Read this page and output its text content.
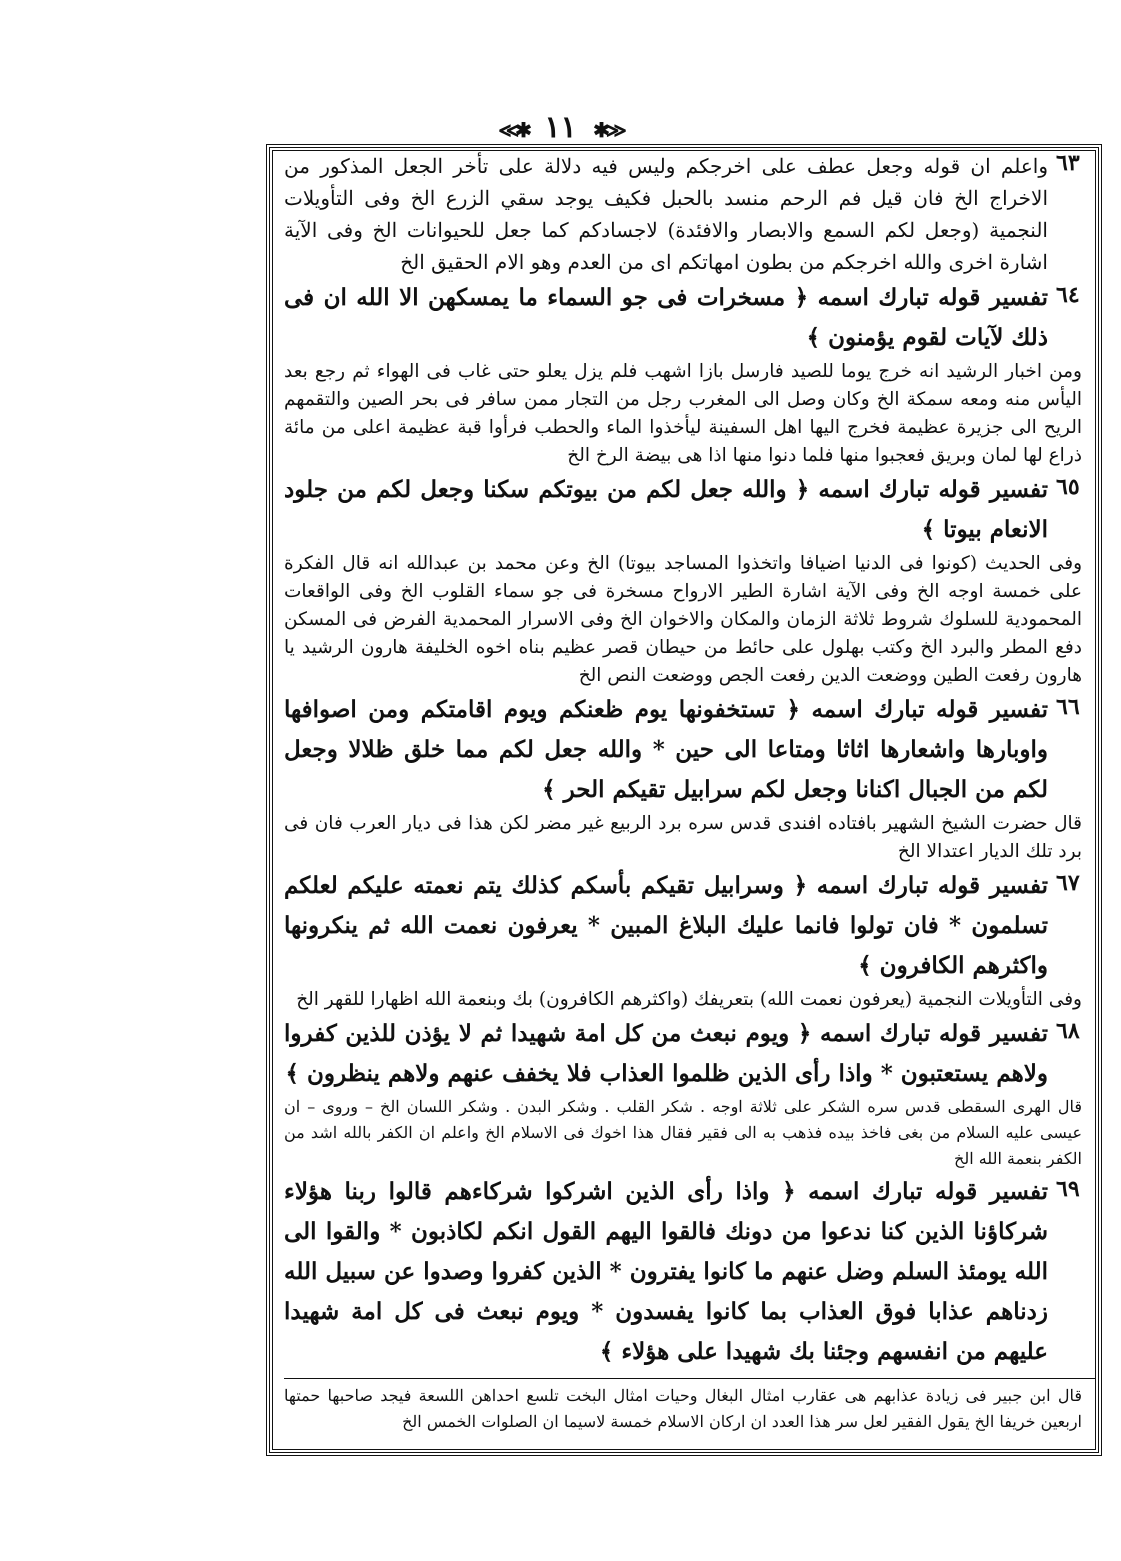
≪✱ ١١ ✱≫
٦٣
واعلم ان قوله وجعل عطف على اخرجكم وليس فيه دلالة على تأخر الجعل المذكور من الاخراج الخ فان قيل فم الرحم منسد بالحبل فكيف يوجد سقي الزرع الخ وفى التأويلات النجمية (وجعل لكم السمع والابصار والافئدة) لاجسادكم كما جعل للحيوانات الخ وفى الآية اشارة اخرى والله اخرجكم من بطون امهاتكم اى من العدم وهو الام الحقيق الخ
٦٤
تفسير قوله تبارك اسمه ﴿ مسخرات فى جو السماء ما يمسكهن الا الله ان فى ذلك لآيات لقوم يؤمنون ﴾
ومن اخبار الرشيد انه خرج يوما للصيد فارسل بازا اشهب فلم يزل يعلو حتى غاب فى الهواء ثم رجع بعد اليأس منه ومعه سمكة الخ وكان وصل الى المغرب رجل من التجار ممن سافر فى بحر الصين والتقمهم الريح الى جزيرة عظيمة فخرج اليها اهل السفينة ليأخذوا الماء والحطب فرأوا قبة عظيمة اعلى من مائة ذراع لها لمان وبريق فعجبوا منها فلما دنوا منها اذا هى بيضة الرخ الخ
٦٥
تفسير قوله تبارك اسمه ﴿ والله جعل لكم من بيوتكم سكنا وجعل لكم من جلود الانعام بيوتا ﴾
وفى الحديث (كونوا فى الدنيا اضيافا واتخذوا المساجد بيوتا) الخ وعن محمد بن عبدالله انه قال الفكرة على خمسة اوجه الخ وفى الآية اشارة الطير الارواح مسخرة فى جو سماء القلوب الخ وفى الواقعات المحمودية للسلوك شروط ثلاثة الزمان والمكان والاخوان الخ وفى الاسرار المحمدية الفرض فى المسكن دفع المطر والبرد الخ وكتب بهلول على حائط من حيطان قصر عظيم بناه اخوه الخليفة هارون الرشيد يا هارون رفعت الطين ووضعت الدين رفعت الجص ووضعت النص الخ
٦٦
تفسير قوله تبارك اسمه ﴿ تستخفونها يوم ظعنكم ويوم اقامتكم ومن اصوافها واوبارها واشعارها اثاثا ومتاعا الى حين * والله جعل لكم مما خلق ظلالا وجعل لكم من الجبال اكنانا وجعل لكم سرابيل تقيكم الحر ﴾
قال حضرت الشيخ الشهير بافتاده افندى قدس سره برد الربيع غير مضر لكن هذا فى ديار العرب فان فى برد تلك الديار اعتدالا الخ
٦٧
تفسير قوله تبارك اسمه ﴿ وسرابيل تقيكم بأسكم كذلك يتم نعمته عليكم لعلكم تسلمون * فان تولوا فانما عليك البلاغ المبين * يعرفون نعمت الله ثم ينكرونها واكثرهم الكافرون ﴾
وفى التأويلات النجمية (يعرفون نعمت الله) بتعريفك (واكثرهم الكافرون) بك وبنعمة الله اظهارا للقهر الخ
٦٨
تفسير قوله تبارك اسمه ﴿ ويوم نبعث من كل امة شهيدا ثم لا يؤذن للذين كفروا ولاهم يستعتبون * واذا رأى الذين ظلموا العذاب فلا يخفف عنهم ولاهم ينظرون ﴾
قال الهرى السقطى قدس سره الشكر على ثلاثة اوجه . شكر القلب . وشكر البدن . وشكر اللسان الخ – وروى – ان عيسى عليه السلام من بغى فاخذ بيده فذهب به الى فقير فقال هذا اخوك فى الاسلام الخ واعلم ان الكفر بالله اشد من الكفر بنعمة الله الخ
٦٩
تفسير قوله تبارك اسمه ﴿ واذا رأى الذين اشركوا شركاءهم قالوا ربنا هؤلاء شركاؤنا الذين كنا ندعوا من دونك فالقوا اليهم القول انكم لكاذبون * والقوا الى الله يومئذ السلم وضل عنهم ما كانوا يفترون * الذين كفروا وصدوا عن سبيل الله زدناهم عذابا فوق العذاب بما كانوا يفسدون * ويوم نبعث فى كل امة شهيدا عليهم من انفسهم وجئنا بك شهيدا على هؤلاء ﴾
قال ابن جبير فى زيادة عذابهم هى عقارب امثال البغال وحيات امثال البخت تلسع احداهن اللسعة فيجد صاحبها حمتها اربعين خريفا الخ يقول الفقير لعل سر هذا العدد ان اركان الاسلام خمسة لاسيما ان الصلوات الخمس الخ
